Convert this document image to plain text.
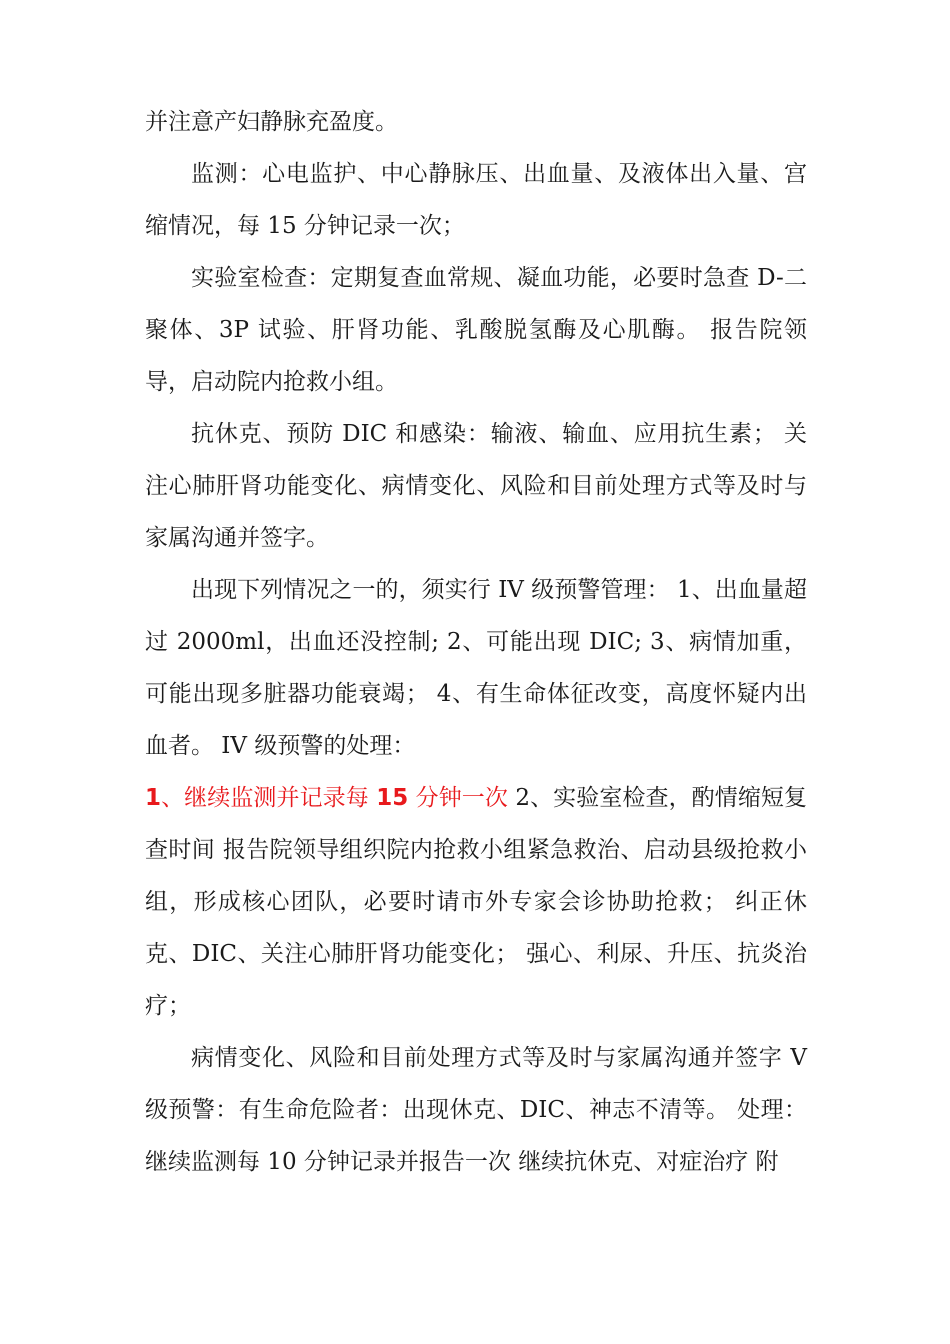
并注意产妇静脉充盈度。

监测：心电监护、中心静脉压、出血量、及液体出入量、宫缩情况，每 15 分钟记录一次；

实验室检查：定期复查血常规、凝血功能，必要时急查 D-二聚体、3P 试验、肝肾功能、乳酸脱氢酶及心肌酶。 报告院领导，启动院内抢救小组。

抗休克、预防 DIC 和感染：输液、输血、应用抗生素； 关注心肺肝肾功能变化、病情变化、风险和目前处理方式等及时与家属沟通并签字。

出现下列情况之一的，须实行 IV 级预警管理： 1、出血量超过 2000ml，出血还没控制; 2、可能出现 DIC; 3、病情加重，可能出现多脏器功能衰竭； 4、有生命体征改变，高度怀疑内出血者。 IV 级预警的处理：

1、继续监测并记录每 15 分钟一次 2、实验室检查，酌情缩短复查时间 报告院领导组织院内抢救小组紧急救治、启动县级抢救小组，形成核心团队，必要时请市外专家会诊协助抢救； 纠正休克、DIC、关注心肺肝肾功能变化； 强心、利尿、升压、抗炎治疗；

病情变化、风险和目前处理方式等及时与家属沟通并签字 V 级预警：有生命危险者：出现休克、DIC、神志不清等。 处理：继续监测每 10 分钟记录并报告一次 继续抗休克、对症治疗 附
